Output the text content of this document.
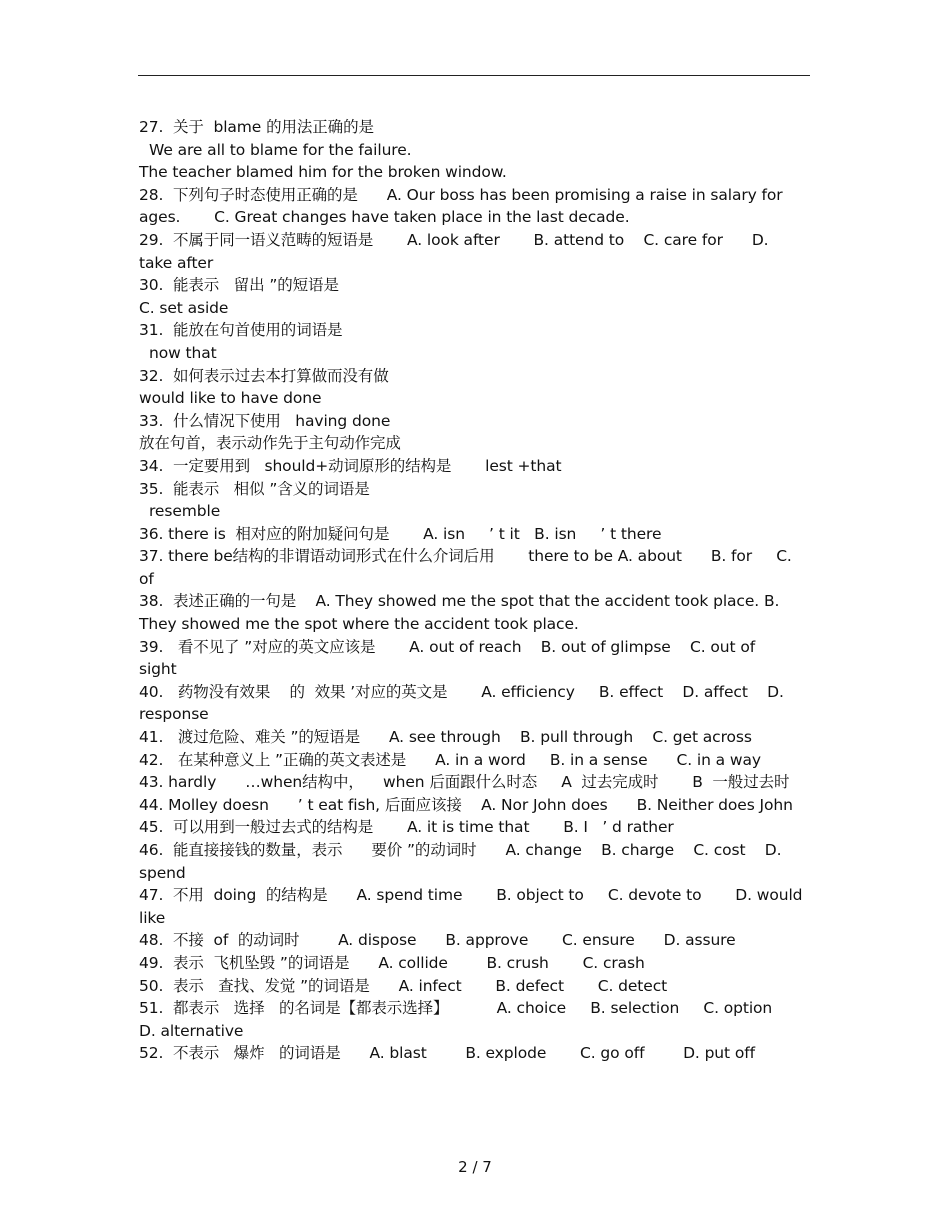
27.  关于  blame 的用法正确的是
We are all to blame for the failure.
The teacher blamed him for the broken window.
28.  下列句子时态使用正确的是      A. Our boss has been promising a raise in salary for
ages.       C. Great changes have taken place in the last decade.
29.  不属于同一语义范畴的短语是       A. look after       B. attend to    C. care for      D.
take after
30.  能表示   留出 ”的短语是
C. set aside
31.  能放在句首使用的词语是
now that
32.  如何表示过去本打算做而没有做
would like to have done
33.  什么情况下使用   having done
放在句首，表示动作先于主句动作完成
34.  一定要用到   should+动词原形的结构是       lest +that
35.  能表示   相似 ”含义的词语是
resemble
36. there is  相对应的附加疑问句是       A. isn     ’ t it   B. isn     ’ t there
37. there be结构的非谓语动词形式在什么介词后用       there to be A. about      B. for     C.
of
38.  表述正确的一句是    A. They showed me the spot that the accident took place. B.
They showed me the spot where the accident took place.
39.   看不见了 ”对应的英文应该是       A. out of reach    B. out of glimpse    C. out of
sight
40.   药物没有效果    的  效果 ’对应的英文是       A. efficiency     B. effect    D. affect    D.
response
41.   渡过危险、难关 ”的短语是      A. see through    B. pull through    C. get across
42.   在某种意义上 ”正确的英文表述是      A. in a word     B. in a sense      C. in a way
43. hardly      …when结构中，    when 后面跟什么时态     A  过去完成时       B  一般过去时
44. Molley doesn      ’ t eat fish, 后面应该接    A. Nor John does      B. Neither does John
45.  可以用到一般过去式的结构是       A. it is time that       B. I   ’ d rather
46.  能直接接钱的数量，表示      要价 ”的动词时      A. change    B. charge    C. cost    D.
spend
47.  不用  doing  的结构是      A. spend time       B. object to     C. devote to       D. would
like
48.  不接  of  的动词时        A. dispose      B. approve       C. ensure      D. assure
49.  表示  飞机坠毁 ”的词语是      A. collide        B. crush       C. crash
50.  表示   查找、发觉 ”的词语是      A. infect       B. defect       C. detect
51.  都表示   选择   的名词是【都表示选择】          A. choice     B. selection     C. option
D. alternative
52.  不表示   爆炸   的词语是      A. blast        B. explode       C. go off        D. put off
2 / 7
